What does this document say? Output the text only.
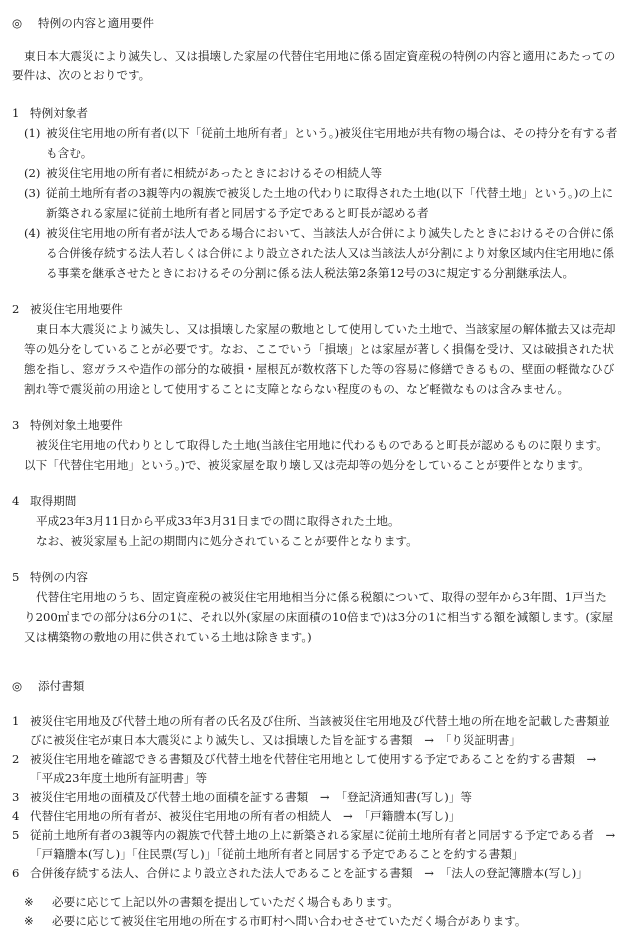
◎	特例の内容と適用要件

東日本大震災により滅失し、又は損壊した家屋の代替住宅用地に係る固定資産税の特例の内容と適用にあたっての要件は、次のとおりです。

1 特例対象者
(1) 被災住宅用地の所有者(以下「従前土地所有者」という。)被災住宅用地が共有物の場合は、その持分を有する者も含む。
(2) 被災住宅用地の所有者に相続があったときにおけるその相続人等
(3) 従前土地所有者の3親等内の親族で被災した土地の代わりに取得された土地(以下「代替土地」という。)の上に新築される家屋に従前土地所有者と同居する予定であると町長が認める者
(4) 被災住宅用地の所有者が法人である場合において、当該法人が合併により滅失したときにおけるその合併に係る合併後存続する法人若しくは合併により設立された法人又は当該法人が分割により対象区域内住宅用地に係る事業を継承させたときにおけるその分割に係る法人税法第2条第12号の3に規定する分割継承法人。
2 被災住宅用地要件

東日本大震災により滅失し、又は損壊した家屋の敷地として使用していた土地で、当該家屋の解体撤去又は売却等の処分をしていることが必要です。なお、ここでいう「損壊」とは家屋が著しく損傷を受け、又は破損された状態を指し、窓ガラスや造作の部分的な破損・屋根瓦が数枚落下した等の容易に修繕できるもの、壁面の軽微なひび割れ等で震災前の用途として使用することに支障とならない程度のもの、など軽微なものは含みません。

3 特例対象土地要件

被災住宅用地の代わりとして取得した土地(当該住宅用地に代わるものであると町長が認めるものに限ります。以下「代替住宅用地」という。)で、被災家屋を取り壊し又は売却等の処分をしていることが要件となります。

4 取得期間

平成23年3月11日から平成33年3月31日までの間に取得された土地。

なお、被災家屋も上記の期間内に処分されていることが要件となります。

5 特例の内容

代替住宅用地のうち、固定資産税の被災住宅用地相当分に係る税額について、取得の翌年から3年間、1戸当たり200㎡までの部分は6分の1に、それ以外(家屋の床面積の10倍まで)は3分の1に相当する額を減額します。(家屋又は構築物の敷地の用に供されている土地は除きます。)

◎	添付書類
1 被災住宅用地及び代替土地の所有者の氏名及び住所、当該被災住宅用地及び代替土地の所在地を記載した書類並びに被災住宅が東日本大震災により滅失し、又は損壊した旨を証する書類　→　「り災証明書」
2 被災住宅用地を確認できる書類及び代替土地を代替住宅用地として使用する予定であることを約する書類　→　「平成23年度土地所有証明書」等
3 被災住宅用地の面積及び代替土地の面積を証する書類　→　「登記済通知書(写し)」等
4 代替住宅用地の所有者が、被災住宅用地の所有者の相続人　→　「戸籍謄本(写し)」
5 従前土地所有者の3親等内の親族で代替土地の上に新築される家屋に従前土地所有者と同居する予定である者　→　「戸籍謄本(写し)」「住民票(写し)」「従前土地所有者と同居する予定であることを約する書類」
6 合併後存続する法人、合併により設立された法人であることを証する書類　→　「法人の登記簿謄本(写し)」
※	必要に応じて上記以外の書類を提出していただく場合もあります。
※	必要に応じて被災住宅用地の所在する市町村へ問い合わせさせていただく場合があります。
